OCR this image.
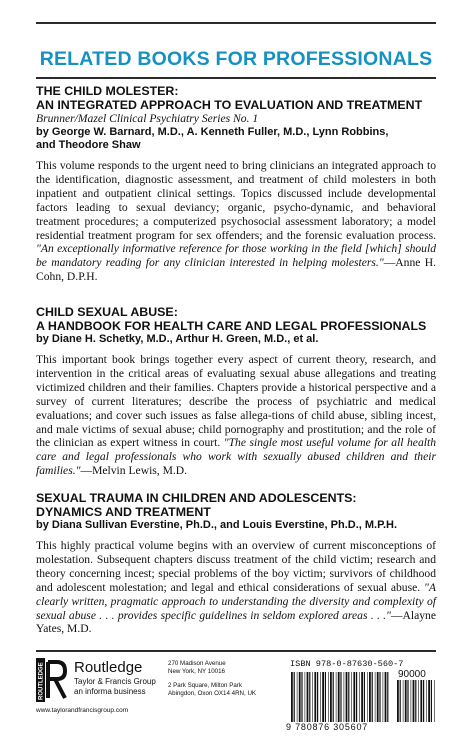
RELATED BOOKS FOR PROFESSIONALS
THE CHILD MOLESTER:
AN INTEGRATED APPROACH TO EVALUATION AND TREATMENT
Brunner/Mazel Clinical Psychiatry Series No. 1
by George W. Barnard, M.D., A. Kenneth Fuller, M.D., Lynn Robbins,
and Theodore Shaw
This volume responds to the urgent need to bring clinicians an integrated approach to the identification, diagnostic assessment, and treatment of child molesters in both inpatient and outpatient clinical settings. Topics discussed include developmental factors leading to sexual deviancy; organic, psycho-dynamic, and behavioral treatment procedures; a computerized psychosocial assessment laboratory; a model residential treatment program for sex offenders; and the forensic evaluation process. "An exceptionally informative reference for those working in the field [which] should be mandatory reading for any clinician interested in helping molesters."—Anne H. Cohn, D.P.H.
CHILD SEXUAL ABUSE:
A HANDBOOK FOR HEALTH CARE AND LEGAL PROFESSIONALS
by Diane H. Schetky, M.D., Arthur H. Green, M.D., et al.
This important book brings together every aspect of current theory, research, and intervention in the critical areas of evaluating sexual abuse allegations and treating victimized children and their families. Chapters provide a historical perspective and a survey of current literatures; describe the process of psychiatric and medical evaluations; and cover such issues as false allega-tions of child abuse, sibling incest, and male victims of sexual abuse; child pornography and prostitution; and the role of the clinician as expert witness in court. "The single most useful volume for all health care and legal professionals who work with sexually abused children and their families."—Melvin Lewis, M.D.
SEXUAL TRAUMA IN CHILDREN AND ADOLESCENTS:
DYNAMICS AND TREATMENT
by Diana Sullivan Everstine, Ph.D., and Louis Everstine, Ph.D., M.P.H.
This highly practical volume begins with an overview of current misconceptions of molestation. Subsequent chapters discuss treatment of the child victim; research and theory concerning incest; special problems of the boy victim; survivors of childhood and adolescent molestation; and legal and ethical considerations of sexual abuse. "A clearly written, pragmatic approach to understanding the diversity and complexity of sexual abuse . . . provides specific guidelines in seldom explored areas . . ."—Alayne Yates, M.D.
ROUTLEDGE Routledge
Taylor & Francis Group
an informa business
270 Madison Avenue
New York, NY 10016
2 Park Square, Milton Park
Abingdon, Oxon OX14 4RN, UK
www.taylorandfrancisgroup.com
ISBN 978-0-87630-560-7
9 780876 305607
90000
